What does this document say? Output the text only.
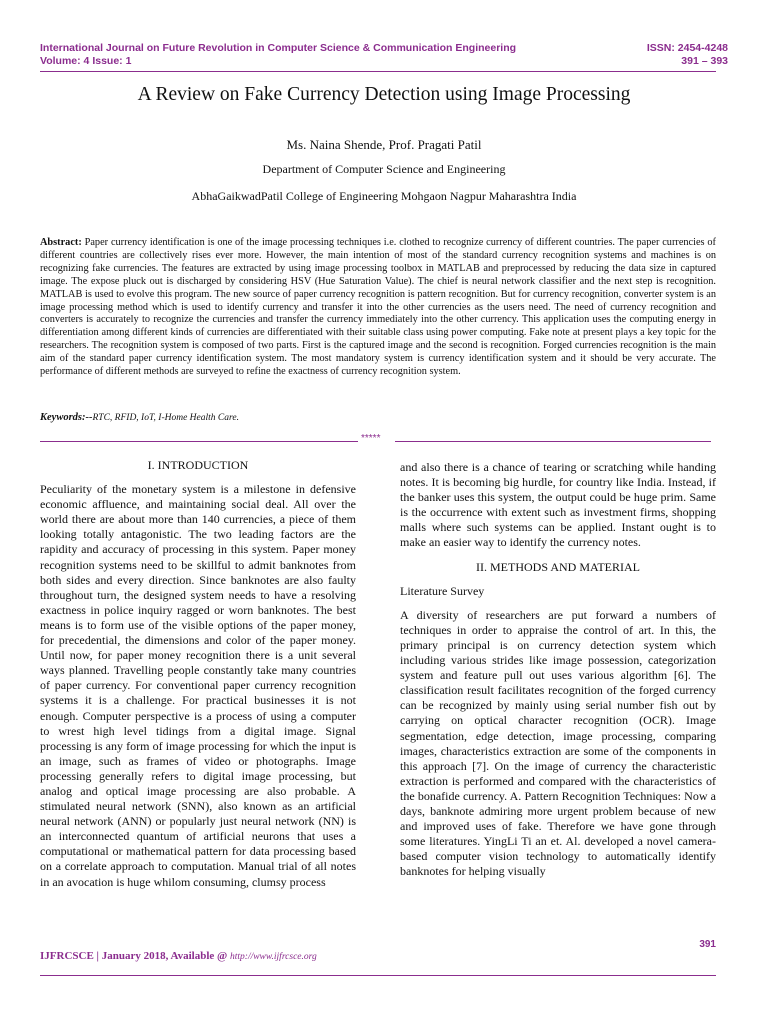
International Journal on Future Revolution in Computer Science & Communication Engineering
Volume: 4 Issue: 1
ISSN: 2454-4248
391 – 393
A Review on Fake Currency Detection using Image Processing
Ms. Naina Shende, Prof. Pragati Patil
Department of Computer Science and Engineering
AbhaGaikwadPatil College of Engineering Mohgaon Nagpur Maharashtra India
Abstract: Paper currency identification is one of the image processing techniques i.e. clothed to recognize currency of different countries. The paper currencies of different countries are collectively rises ever more. However, the main intention of most of the standard currency recognition systems and machines is on recognizing fake currencies. The features are extracted by using image processing toolbox in MATLAB and preprocessed by reducing the data size in captured image. The expose pluck out is discharged by considering HSV (Hue Saturation Value). The chief is neural network classifier and the next step is recognition. MATLAB is used to evolve this program. The new source of paper currency recognition is pattern recognition. But for currency recognition, converter system is an image processing method which is used to identify currency and transfer it into the other currencies as the users need. The need of currency recognition and converters is accurately to recognize the currencies and transfer the currency immediately into the other currency. This application uses the computing energy in differentiation among different kinds of currencies are differentiated with their suitable class using power computing. Fake note at present plays a key topic for the researchers. The recognition system is composed of two parts. First is the captured image and the second is recognition. Forged currencies recognition is the main aim of the standard paper currency identification system. The most mandatory system is currency identification system and it should be very accurate. The performance of different methods are surveyed to refine the exactness of currency recognition system.
Keywords:--RTC, RFID, IoT, I-Home Health Care.
*****
I. INTRODUCTION
Peculiarity of the monetary system is a milestone in defensive economic affluence, and maintaining social deal. All over the world there are about more than 140 currencies, a piece of them looking totally antagonistic. The two leading factors are the rapidity and accuracy of processing in this system. Paper money recognition systems need to be skillful to admit banknotes from both sides and every direction. Since banknotes are also faulty throughout turn, the designed system needs to have a resolving exactness in police inquiry ragged or worn banknotes. The best means is to form use of the visible options of the paper money, for precedential, the dimensions and color of the paper money. Until now, for paper money recognition there is a unit several ways planned. Travelling people constantly take many countries of paper currency. For conventional paper currency recognition systems it is a challenge. For practical businesses it is not enough. Computer perspective is a process of using a computer to wrest high level tidings from a digital image. Signal processing is any form of image processing for which the input is an image, such as frames of video or photographs. Image processing generally refers to digital image processing, but analog and optical image processing are also probable. A stimulated neural network (SNN), also known as an artificial neural network (ANN) or popularly just neural network (NN) is an interconnected quantum of artificial neurons that uses a computational or mathematical pattern for data processing based on a correlate approach to computation. Manual trial of all notes in an avocation is huge whilom consuming, clumsy process
and also there is a chance of tearing or scratching while handing notes. It is becoming big hurdle, for country like India. Instead, if the banker uses this system, the output could be huge prim. Same is the occurrence with extent such as investment firms, shopping malls where such systems can be applied. Instant ought is to make an easier way to identify the currency notes.
II. METHODS AND MATERIAL
Literature Survey
A diversity of researchers are put forward a numbers of techniques in order to appraise the control of art. In this, the primary principal is on currency detection system which including various strides like image possession, categorization system and feature pull out uses various algorithm [6]. The classification result facilitates recognition of the forged currency can be recognized by mainly using serial number fish out by carrying on optical character recognition (OCR). Image segmentation, edge detection, image processing, comparing images, characteristics extraction are some of the components in this approach [7]. On the image of currency the characteristic extraction is performed and compared with the characteristics of the bonafide currency. A. Pattern Recognition Techniques: Now a days, banknote admiring more urgent problem because of new and improved uses of fake. Therefore we have gone through some literatures. YingLi Ti an et. Al. developed a novel camera-based computer vision technology to automatically identify banknotes for helping visually
391
IJFRCSCE | January 2018, Available @ http://www.ijfrcsce.org
